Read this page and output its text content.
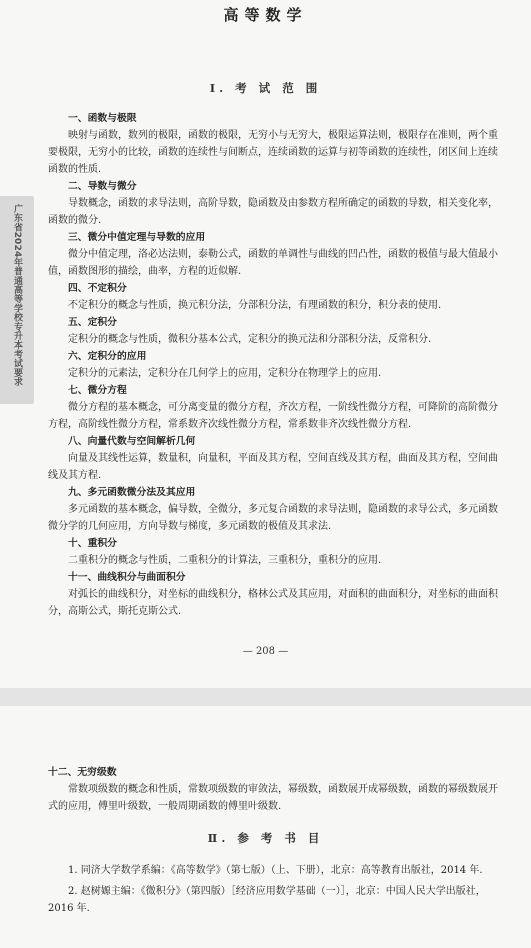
高等数学
Ⅰ. 考 试 范 围
广东省2024年普通高等学校专升本考试要求
一、函数与极限
映射与函数，数列的极限，函数的极限，无穷小与无穷大，极限运算法则，极限存在准则，两个重要极限，无穷小的比较，函数的连续性与间断点，连续函数的运算与初等函数的连续性，闭区间上连续函数的性质.
二、导数与微分
导数概念，函数的求导法则，高阶导数，隐函数及由参数方程所确定的函数的导数，相关变化率，函数的微分.
三、微分中值定理与导数的应用
微分中值定理，洛必达法则，泰勒公式，函数的单调性与曲线的凹凸性，函数的极值与最大值最小值，函数图形的描绘，曲率，方程的近似解.
四、不定积分
不定积分的概念与性质，换元积分法，分部积分法，有理函数的积分，积分表的使用.
五、定积分
定积分的概念与性质，微积分基本公式，定积分的换元法和分部积分法，反常积分.
六、定积分的应用
定积分的元素法，定积分在几何学上的应用，定积分在物理学上的应用.
七、微分方程
微分方程的基本概念，可分离变量的微分方程，齐次方程，一阶线性微分方程，可降阶的高阶微分方程，高阶线性微分方程，常系数齐次线性微分方程，常系数非齐次线性微分方程.
八、向量代数与空间解析几何
向量及其线性运算，数量积，向量积，平面及其方程，空间直线及其方程，曲面及其方程，空间曲线及其方程.
九、多元函数微分法及其应用
多元函数的基本概念，偏导数，全微分，多元复合函数的求导法则，隐函数的求导公式，多元函数微分学的几何应用，方向导数与梯度，多元函数的极值及其求法.
十、重积分
二重积分的概念与性质，二重积分的计算法，三重积分，重积分的应用.
十一、曲线积分与曲面积分
对弧长的曲线积分，对坐标的曲线积分，格林公式及其应用，对面积的曲面积分，对坐标的曲面积分，高斯公式，斯托克斯公式.
— 208 —
十二、无穷级数
常数项级数的概念和性质，常数项级数的审敛法，幂级数，函数展开成幂级数，函数的幂级数展开式的应用，傅里叶级数，一般周期函数的傅里叶级数.
Ⅱ. 参 考 书 目
1. 同济大学数学系编：《高等数学》（第七版）（上、下册），北京：高等教育出版社，2014 年.
2. 赵树嫄主编：《微积分》（第四版）［经济应用数学基础（一）］，北京：中国人民大学出版社，2016 年.
